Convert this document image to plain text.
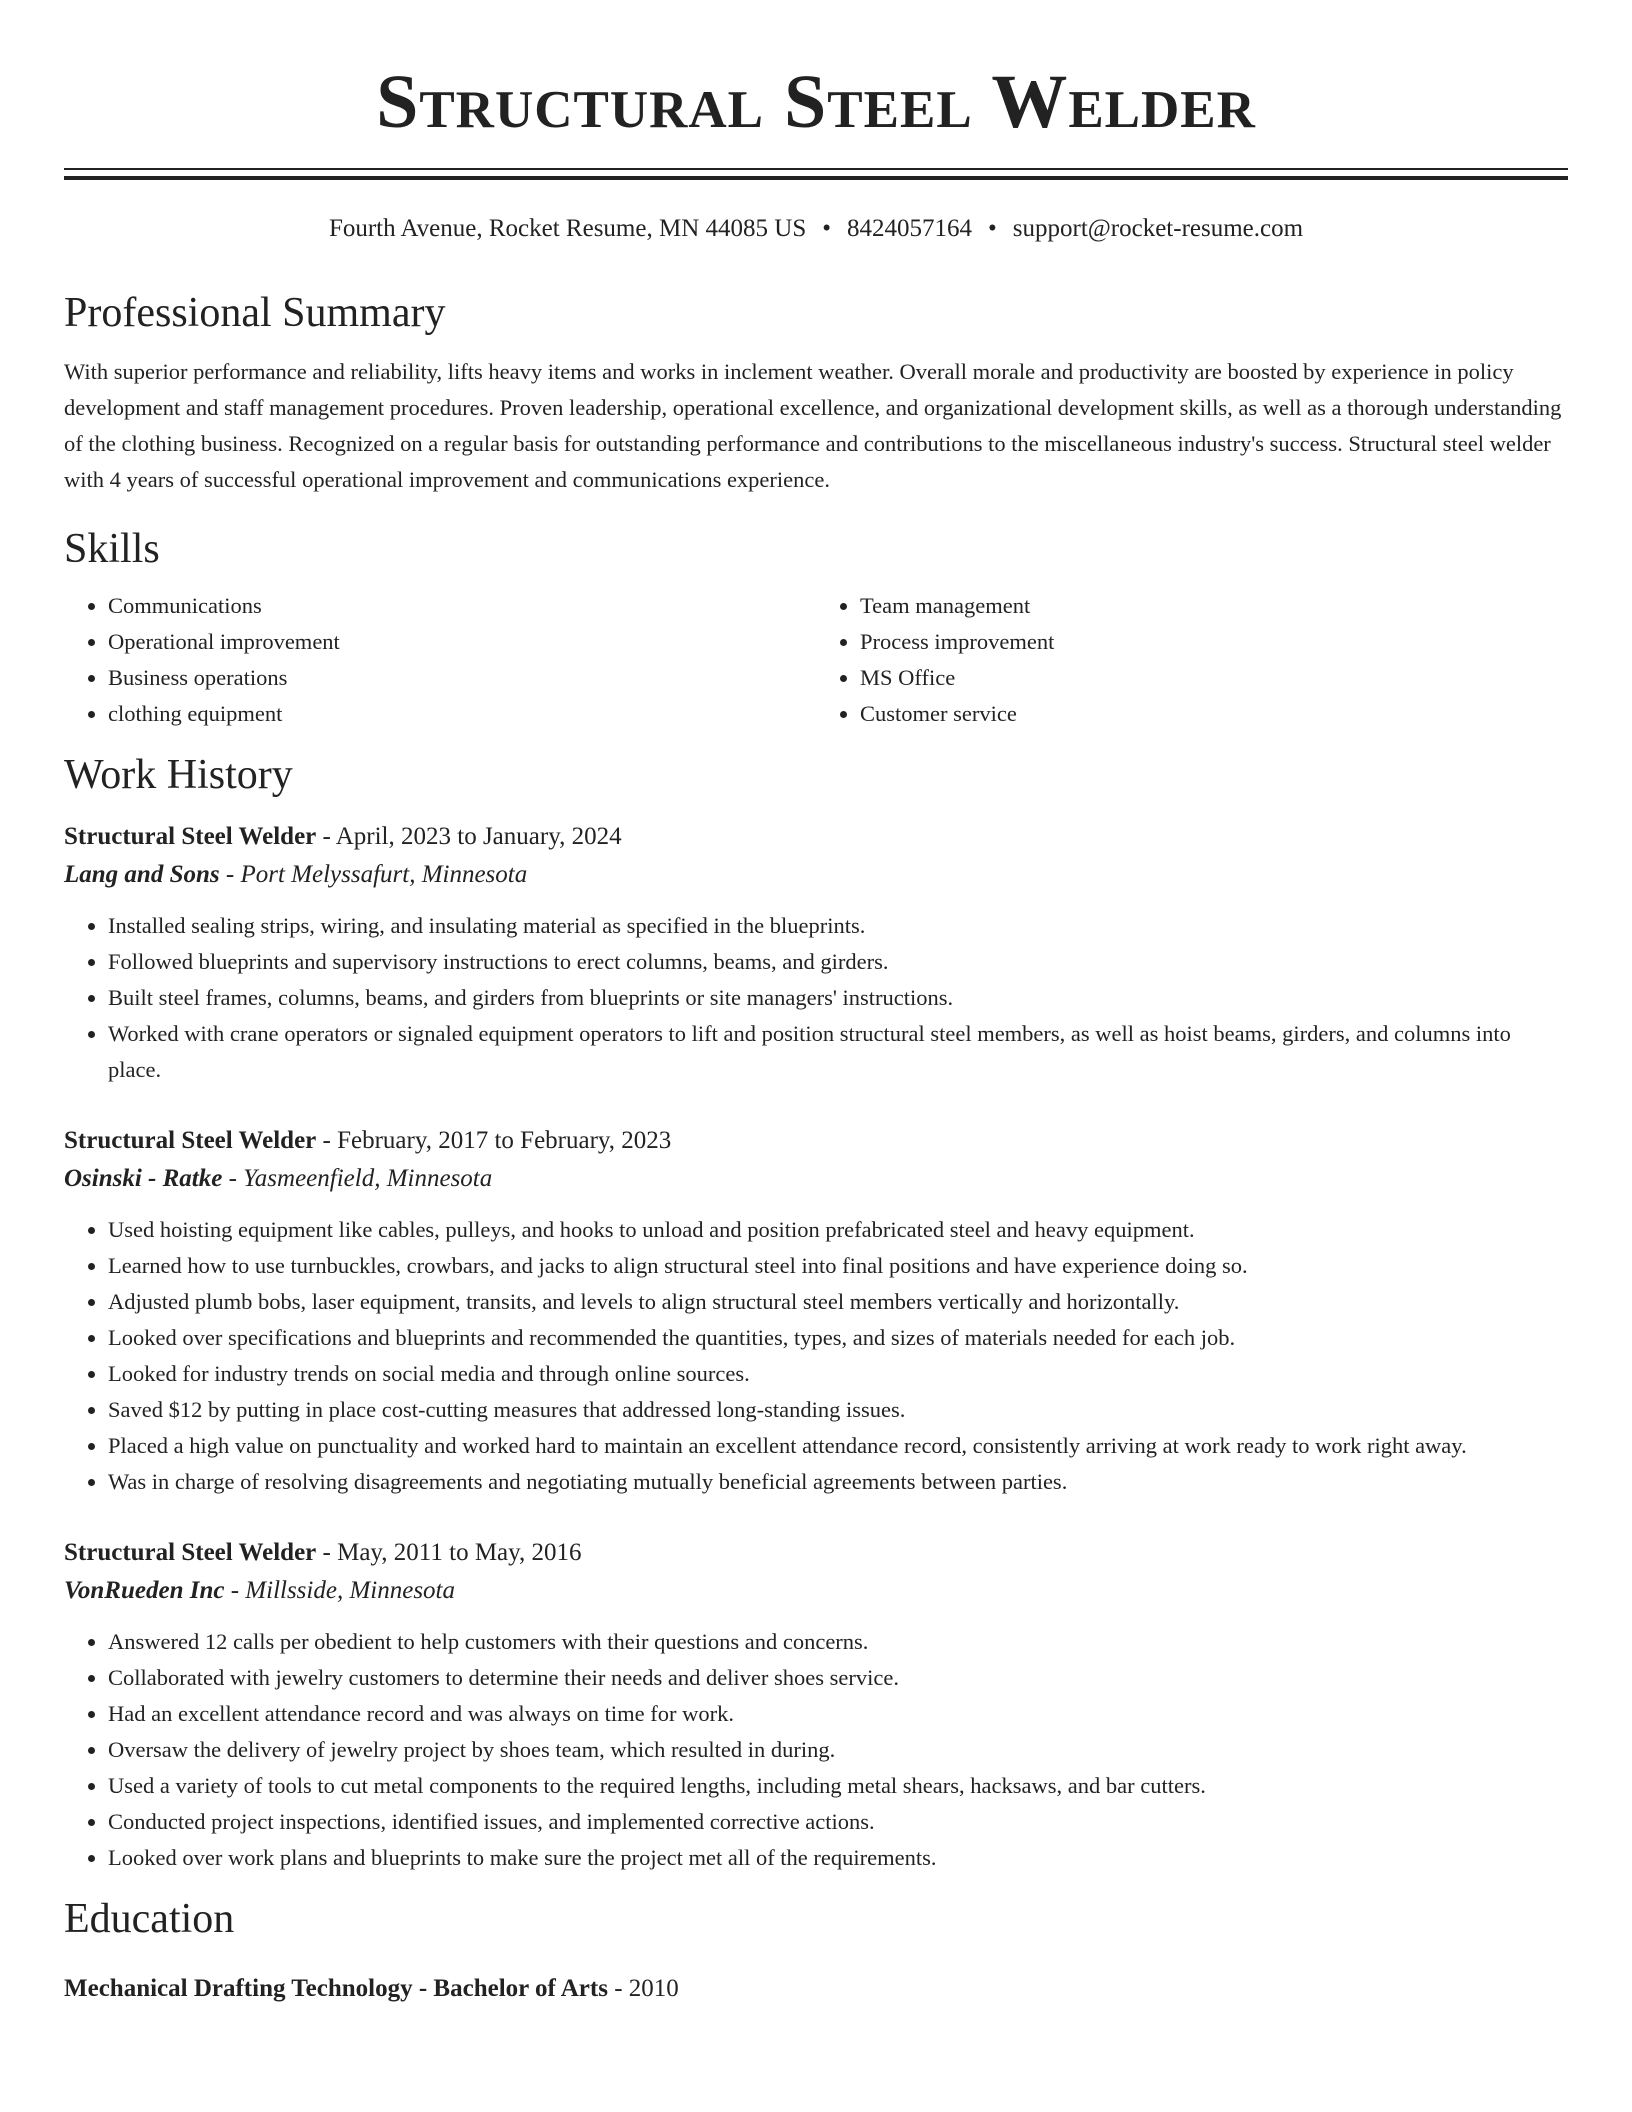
Structural Steel Welder
Fourth Avenue, Rocket Resume, MN 44085 US • 8424057164 • support@rocket-resume.com
Professional Summary

With superior performance and reliability, lifts heavy items and works in inclement weather. Overall morale and productivity are boosted by experience in policy development and staff management procedures. Proven leadership, operational excellence, and organizational development skills, as well as a thorough understanding of the clothing business. Recognized on a regular basis for outstanding performance and contributions to the miscellaneous industry's success. Structural steel welder with 4 years of successful operational improvement and communications experience.

Skills
• Communications
• Operational improvement
• Business operations
• clothing equipment
• Team management
• Process improvement
• MS Office
• Customer service
Work History
Structural Steel Welder - April, 2023 to January, 2024
Lang and Sons - Port Melyssafurt, Minnesota
• Installed sealing strips, wiring, and insulating material as specified in the blueprints.
• Followed blueprints and supervisory instructions to erect columns, beams, and girders.
• Built steel frames, columns, beams, and girders from blueprints or site managers' instructions.
• Worked with crane operators or signaled equipment operators to lift and position structural steel members, as well as hoist beams, girders, and columns into place.
Structural Steel Welder - February, 2017 to February, 2023
Osinski - Ratke - Yasmeenfield, Minnesota
• Used hoisting equipment like cables, pulleys, and hooks to unload and position prefabricated steel and heavy equipment.
• Learned how to use turnbuckles, crowbars, and jacks to align structural steel into final positions and have experience doing so.
• Adjusted plumb bobs, laser equipment, transits, and levels to align structural steel members vertically and horizontally.
• Looked over specifications and blueprints and recommended the quantities, types, and sizes of materials needed for each job.
• Looked for industry trends on social media and through online sources.
• Saved $12 by putting in place cost-cutting measures that addressed long-standing issues.
• Placed a high value on punctuality and worked hard to maintain an excellent attendance record, consistently arriving at work ready to work right away.
• Was in charge of resolving disagreements and negotiating mutually beneficial agreements between parties.
Structural Steel Welder - May, 2011 to May, 2016
VonRueden Inc - Millsside, Minnesota
• Answered 12 calls per obedient to help customers with their questions and concerns.
• Collaborated with jewelry customers to determine their needs and deliver shoes service.
• Had an excellent attendance record and was always on time for work.
• Oversaw the delivery of jewelry project by shoes team, which resulted in during.
• Used a variety of tools to cut metal components to the required lengths, including metal shears, hacksaws, and bar cutters.
• Conducted project inspections, identified issues, and implemented corrective actions.
• Looked over work plans and blueprints to make sure the project met all of the requirements.
Education
Mechanical Drafting Technology - Bachelor of Arts - 2010
